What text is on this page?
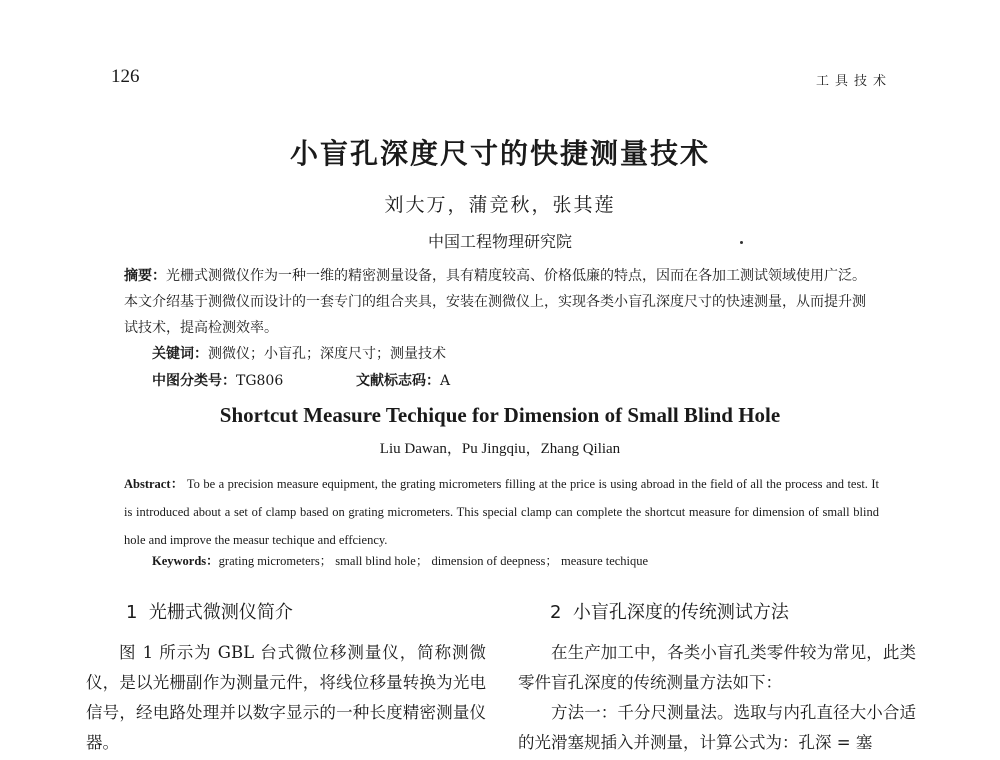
126	工具技术
小盲孔深度尺寸的快捷测量技术
刘大万，蒲竞秋，张其莲
中国工程物理研究院
摘要：光栅式测微仪作为一种一维的精密测量设备，具有精度较高、价格低廉的特点，因而在各加工测试领域使用广泛。本文介绍基于测微仪而设计的一套专门的组合夹具，安装在测微仪上，实现各类小盲孔深度尺寸的快速测量，从而提升测试技术，提高检测效率。
关键词：测微仪；小盲孔；深度尺寸；测量技术
中图分类号：TG806	文献标志码：A
Shortcut Measure Techique for Dimension of Small Blind Hole
Liu Dawan，Pu Jingqiu，Zhang Qilian
Abstract： To be a precision measure equipment, the grating micrometers filling at the price is using abroad in the field of all the process and test. It is introduced about a set of clamp based on grating micrometers. This special clamp can complete the shortcut measure for dimension of small blind hole and improve the measur techique and effciency.
Keywords：grating micrometers； small blind hole； dimension of deepness； measure techique
1  光栅式微测仪简介	2  小盲孔深度的传统测试方法
图 1 所示为 GBL 台式微位移测量仪，简称测微仪，是以光栅副作为测量元件，将线位移量转换为光电信号，经电路处理并以数字显示的一种长度精密测量仪器。
在生产加工中，各类小盲孔类零件较为常见，此类零件盲孔深度的传统测量方法如下：
方法一：千分尺测量法。选取与内孔直径大小合适的光滑塞规插入并测量，计算公式为：孔深 = 塞
